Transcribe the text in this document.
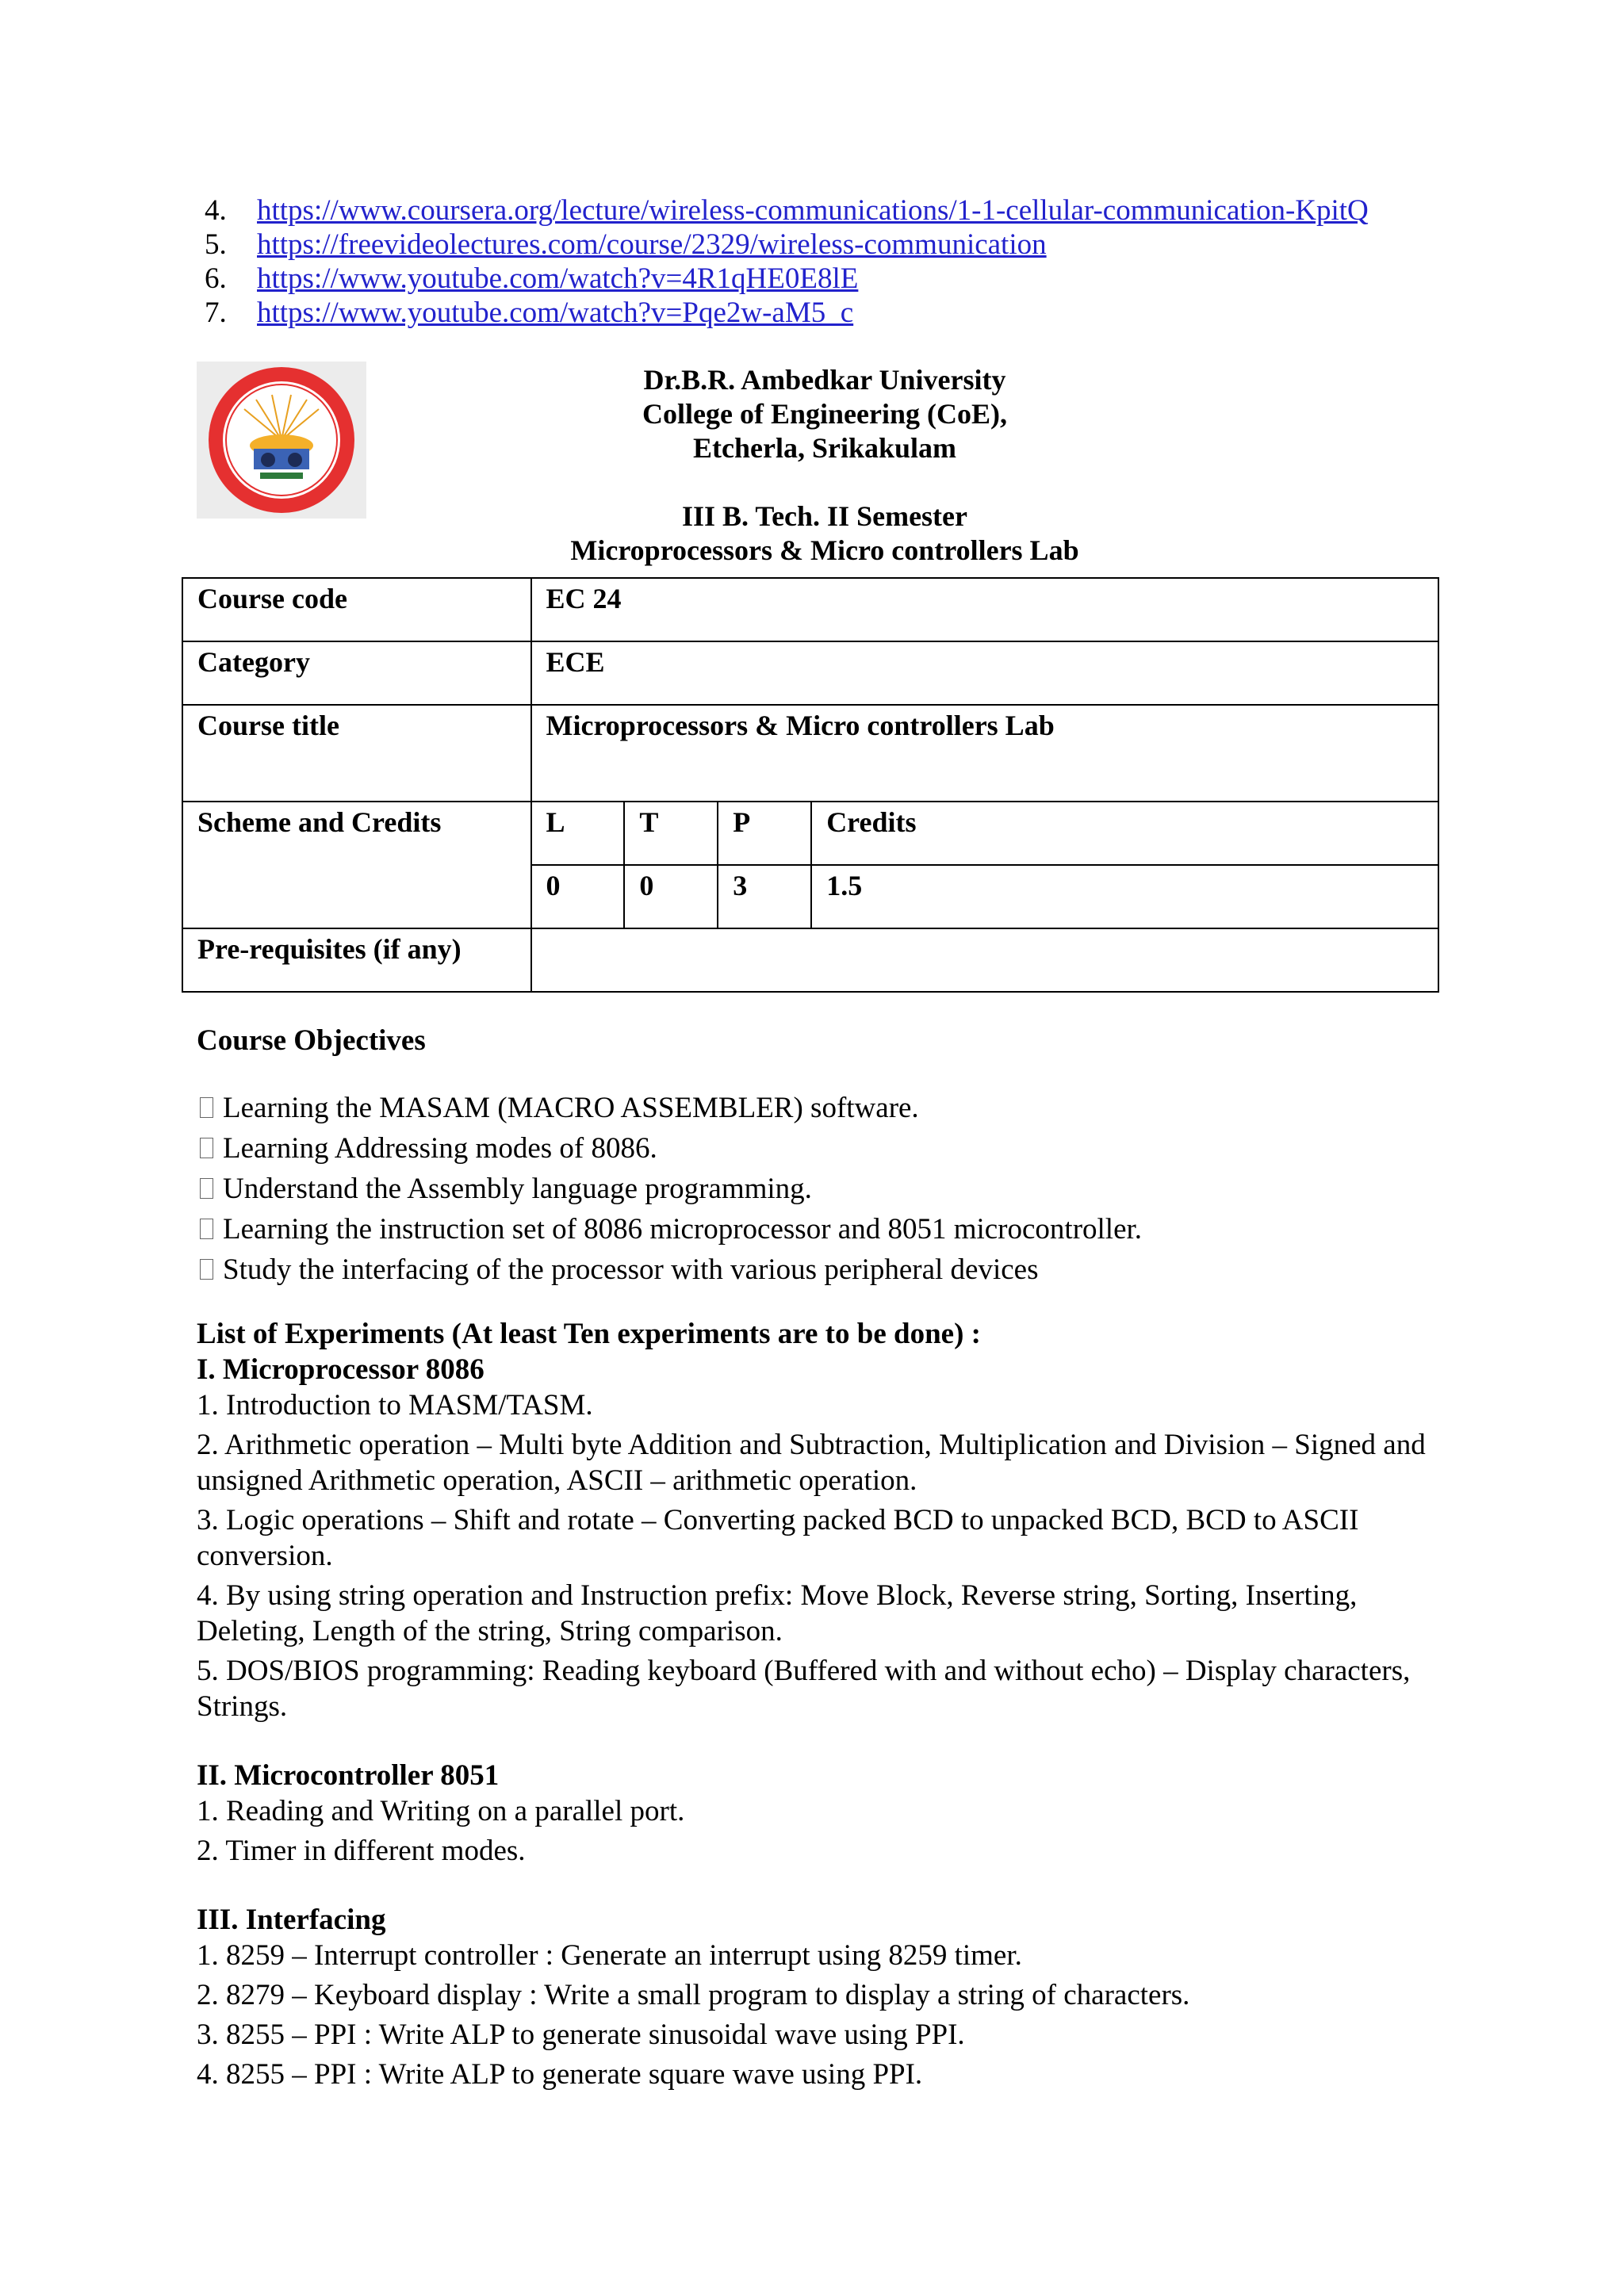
4.	https://www.coursera.org/lecture/wireless-communications/1-1-cellular-communication-KpitQ
5.	https://freevideolectures.com/course/2329/wireless-communication
6.	https://www.youtube.com/watch?v=4R1qHE0E8lE
7.	https://www.youtube.com/watch?v=Pqe2w-aM5_c
Dr.B.R. Ambedkar University
College of Engineering (CoE),
Etcherla, Srikakulam
III B. Tech. II Semester
Microprocessors & Micro controllers Lab
Course code	EC 24			
Category	ECE			
Course title	Microprocessors & Micro controllers Lab			
Scheme and Credits	L	T	P	Credits
	0	0	3	1.5
Pre-requisites (if any)				
Course Objectives
Learning the MASAM (MACRO ASSEMBLER) software.
Learning Addressing modes of 8086.
Understand the Assembly language programming.
Learning the instruction set of 8086 microprocessor and 8051 microcontroller.
Study the interfacing of the processor with various peripheral devices
List of Experiments (At least Ten experiments are to be done) :
I. Microprocessor 8086
1. Introduction to MASM/TASM.
2. Arithmetic operation – Multi byte Addition and Subtraction, Multiplication and Division – Signed and unsigned Arithmetic operation, ASCII – arithmetic operation.
3. Logic operations – Shift and rotate – Converting packed BCD to unpacked BCD, BCD to ASCII conversion.
4. By using string operation and Instruction prefix: Move Block, Reverse string, Sorting, Inserting, Deleting, Length of the string, String comparison.
5. DOS/BIOS programming: Reading keyboard (Buffered with and without echo) – Display characters, Strings.
II. Microcontroller 8051
1. Reading and Writing on a parallel port.
2. Timer in different modes.
III. Interfacing
1. 8259 – Interrupt controller : Generate an interrupt using 8259 timer.
2. 8279 – Keyboard display : Write a small program to display a string of characters.
3. 8255 – PPI : Write ALP to generate sinusoidal wave using PPI.
4. 8255 – PPI : Write ALP to generate square wave using PPI.
